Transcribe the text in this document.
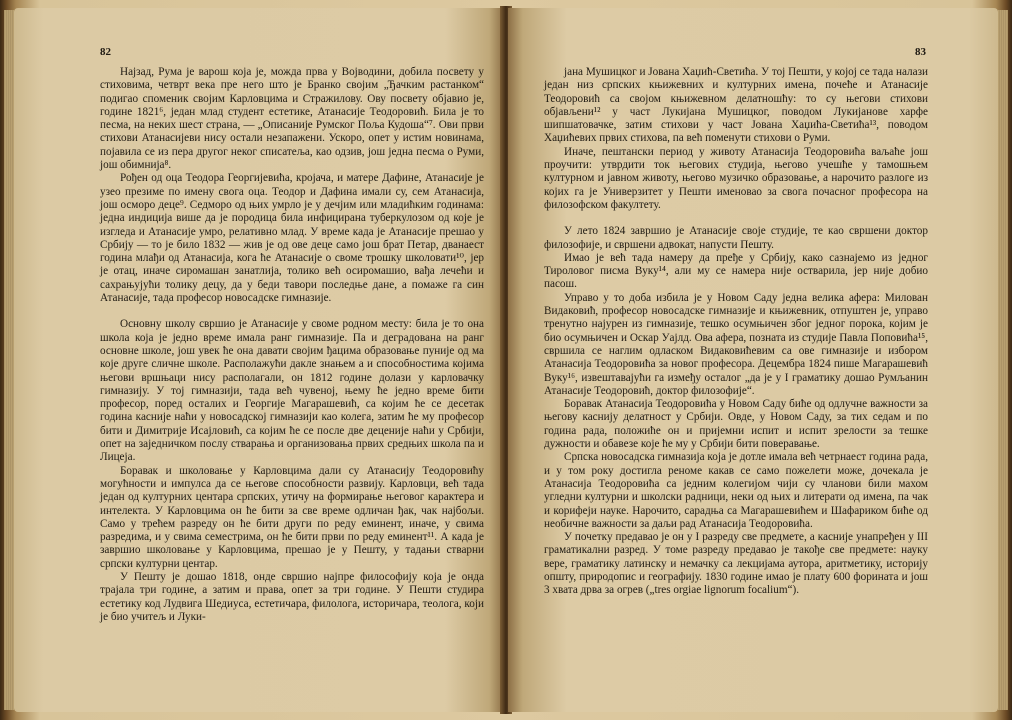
82

Најзад, Рума је варош која је, можда прва у Војводини, добила посвету у стиховима, четврт века пре него што је Бранко својим „Ђачким растанком“ подигао споменик својим Карловцима и Стражилову. Ову посвету објавио је, године 1821⁶, један млад студент естетике, Атанасије Теодоровић. Била је то песма, на неких шест страна, — „Описаније Румског Поља Кудоша“⁷. Ови први стихови Атанасијеви нису остали незапажени. Ускоро, опет у истим новинама, појавила се из пера другог неког списатеља, као одзив, још једна песма о Руми, још обимнија⁸.

Рођен од оца Теодора Георгијевића, кројача, и матере Дафине, Атанасије је узео презиме по имену свога оца. Теодор и Дафина имали су, сем Атанасија, још осморо деце⁹. Седморо од њих умрло је у дечјим или младићким годинама: једна индиција више да је породица била инфицирана туберкулозом од које је изгледа и Атанасије умро, релативно млад. У време када је Атанасије прешао у Србију — то је било 1832 — жив је од ове деце само још брат Петар, дванаест година млађи од Атанасија, кога ће Атанасије о своме трошку школовати¹⁰, јер је отац, иначе сиромашан занатлија, толико већ осиромашио, вађа лечећи и сахрањујући толику децу, да у беди тавори последње дане, а помаже га син Атанасије, тада професор новосадске гимназије.

Основну школу свршио је Атанасије у своме родном месту: била је то она школа која је једно време имала ранг гимназије. Па и деградована на ранг основне школе, још увек ће она давати својим ђацима образовање пуније од ма које друге сличне школе. Располажући дакле знањем а и способностима којима његови вршњаци нису располагали, он 1812 године долази у карловачку гимназију. У тој гимназији, тада већ чувеној, њему ће једно време бити професор, поред осталих и Георгије Магарашевић, са којим ће се десетак година касније наћи у новосадској гимназији као колега, затим ће му професор бити и Димитрије Исајловић, са којим ће се после две деценије наћи у Србији, опет на заједничком послу стварања и организовања првих средњих школа па и Лицеја.

Боравак и школовање у Карловцима дали су Атанасију Теодоровићу могућности и импулса да се његове способности развију. Карловци, већ тада један од културних центара српских, утичу на формирање његовог карактера и интелекта. У Карловцима он ће бити за све време одличан ђак, чак најбољи. Само у трећем разреду он ће бити други по реду еминент, иначе, у свима разредима, и у свима семестрима, он ће бити први по реду еминент¹¹. А када је завршио школовање у Карловцима, прешао је у Пешту, у тадањи стварни српски културни центар.

У Пешту је дошао 1818, онде свршио најпре философију која је онда трајала три године, а затим и права, опет за три године. У Пешти студира естетику код Лудвига Шедиуса, естетичара, филолога, историчара, теолога, који је био учитељ и Луки-

83

јана Мушицког и Јована Хаџић-Светића. У тој Пешти, у којој се тада налази један низ српских књижевних и културних имена, почеће и Атанасије Теодоровић са својом књижевном делатношћу: то су његови стихови објављени¹² у част Лукијана Мушицког, поводом Лукијановe харфе шипшатовачке, затим стихови у част Јована Хаџића-Светића¹³, поводом Хаџићевих првих стихова, па већ поменути стихови о Руми.

Иначе, пештански период у животу Атанасија Теодоровића ваљаће још проучити: утврдити ток његових студија, његово учешће у тамошњем културном и јавном животу, његово музичко образовање, а нарочито разлоге из којих га је Универзитет у Пешти именовао за свога почасног професора на филозофском факултету.

У лето 1824 завршио је Атанасије своје студије, те као свршени доктор филозофије, и свршени адвокат, напусти Пешту.

Имао је већ тада намеру да пређе у Србију, како сазнајемо из једног Тироловог писма Вуку¹⁴, али му се намера није остварила, јер није добио пасош.

Управо у то доба избила је у Новом Саду једна велика афера: Милован Видаковић, професор новосадске гимназије и књижевник, отпуштен је, управо тренутно најурен из гимназије, тешко осумњичен због једног порока, којим је био осумњичен и Оскар Уајлд. Ова афера, позната из студије Павла Поповића¹⁵, свршила се наглим одласком Видаковићевим са ове гимназије и избором Атанасија Теодоровића за новог професора. Децембра 1824 пише Магарашевић Вуку¹⁶, извештавајући га између осталог „да је у I граматику дошао Румљанин Атанасије Теодоровић, доктор филозофије“.

Боравак Атанасија Теодоровића у Новом Саду биће од одлучне важности за његову каснију делатност у Србији. Овде, у Новом Саду, за тих седам и по година рада, положиће он и пријемни испит и испит зрелости за тешке дужности и обавезе које ће му у Србији бити поверавање.

Српска новосадска гимназија која је дотле имала већ четрнаест година рада, и у том року достигла реноме какав се само пожелети може, дочекала је Атанасија Теодоровића са једним колегијом чији су чланови били махом угледни културни и школски радници, неки од њих и литерати од имена, па чак и корифеји науке. Нарочито, сарадња са Магарашевићем и Шафариком биће од необичне важности за даљи рад Атанасија Теодоровића.

У почетку предавао је он у I разреду све предмете, а касније унапређен у III граматикални разред. У томе разреду предавао је такође све предмете: науку вере, граматику латинску и немачку са лекцијама аутора, аритметику, историју општу, природопис и географију. 1830 године имао је плату 600 форината и још 3 хвата дрва за огрев („tres orgiae lignorum focalium“).
